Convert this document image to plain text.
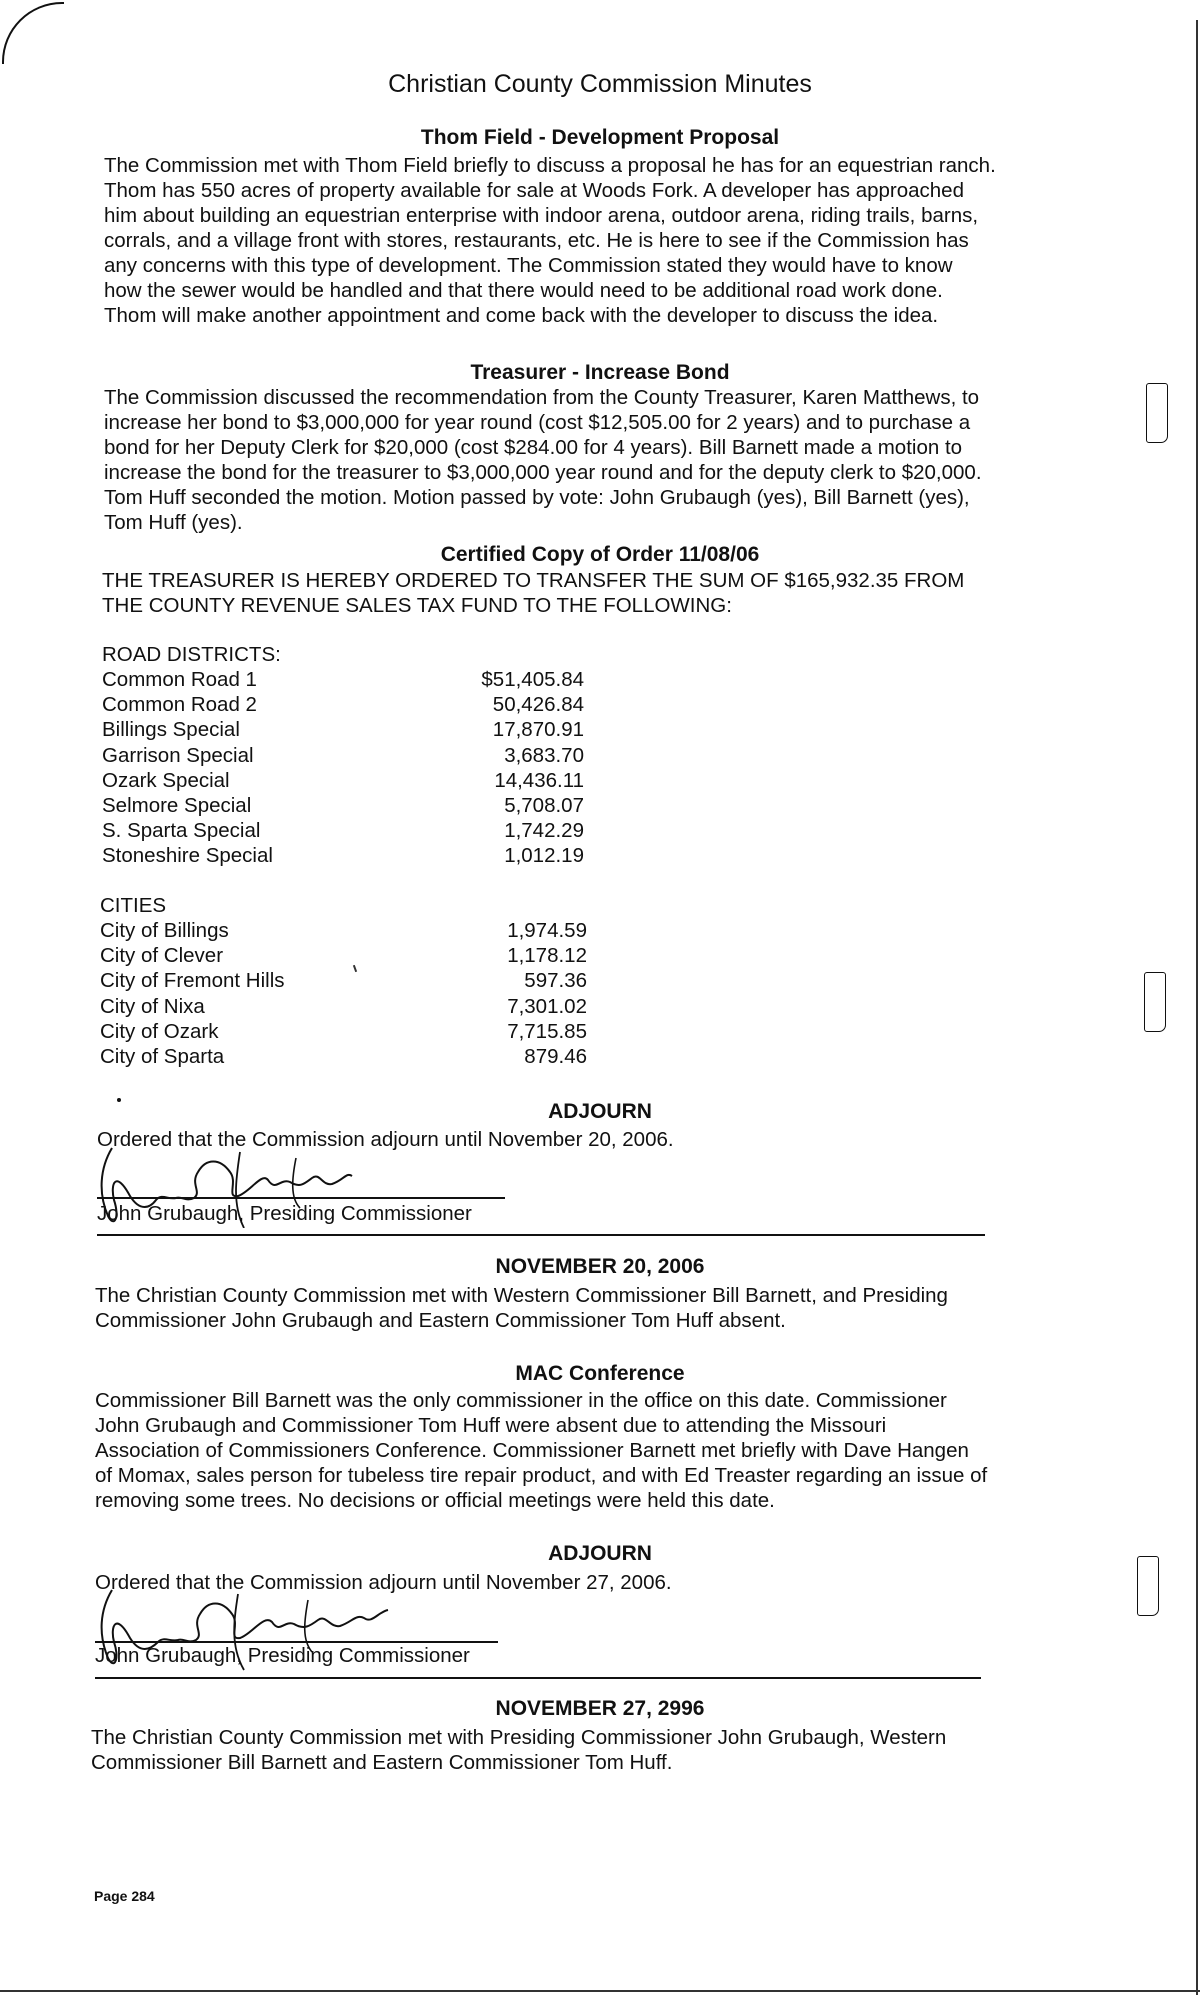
Christian County Commission Minutes
Thom Field - Development Proposal
The Commission met with Thom Field briefly to discuss a proposal he has for an equestrian ranch.
Thom has 550 acres of property available for sale at Woods Fork. A developer has approached
him about building an equestrian enterprise with indoor arena, outdoor arena, riding trails, barns,
corrals, and a village front with stores, restaurants, etc. He is here to see if the Commission has
any concerns with this type of development. The Commission stated they would have to know
how the sewer would be handled and that there would need to be additional road work done.
Thom will make another appointment and come back with the developer to discuss the idea.
Treasurer - Increase Bond
The Commission discussed the recommendation from the County Treasurer, Karen Matthews, to
increase her bond to $3,000,000 for year round (cost $12,505.00 for 2 years) and to purchase a
bond for her Deputy Clerk for $20,000 (cost $284.00 for 4 years). Bill Barnett made a motion to
increase the bond for the treasurer to $3,000,000 year round and for the deputy clerk to $20,000.
Tom Huff seconded the motion. Motion passed by vote: John Grubaugh (yes), Bill Barnett (yes),
Tom Huff (yes).
Certified Copy of Order 11/08/06
THE TREASURER IS HEREBY ORDERED TO TRANSFER THE SUM OF $165,932.35 FROM
THE COUNTY REVENUE SALES TAX FUND TO THE FOLLOWING:
ROAD DISTRICTS:
Common Road 1	$51,405.84
Common Road 2	50,426.84
Billings Special	17,870.91
Garrison Special	3,683.70
Ozark Special	14,436.11
Selmore Special	5,708.07
S. Sparta Special	1,742.29
Stoneshire Special	1,012.19
CITIES
City of Billings	1,974.59
City of Clever	1,178.12
City of Fremont Hills	597.36
City of Nixa	7,301.02
City of Ozark	7,715.85
City of Sparta	879.46
ADJOURN
Ordered that the Commission adjourn until November 20, 2006.
John Grubaugh, Presiding Commissioner
NOVEMBER 20, 2006
The Christian County Commission met with Western Commissioner Bill Barnett, and Presiding
Commissioner John Grubaugh and Eastern Commissioner Tom Huff absent.
MAC Conference
Commissioner Bill Barnett was the only commissioner in the office on this date. Commissioner
John Grubaugh and Commissioner Tom Huff were absent due to attending the Missouri
Association of Commissioners Conference. Commissioner Barnett met briefly with Dave Hangen
of Momax, sales person for tubeless tire repair product, and with Ed Treaster regarding an issue of
removing some trees. No decisions or official meetings were held this date.
ADJOURN
Ordered that the Commission adjourn until November 27, 2006.
John Grubaugh, Presiding Commissioner
NOVEMBER 27, 2996
The Christian County Commission met with Presiding Commissioner John Grubaugh, Western
Commissioner Bill Barnett and Eastern Commissioner Tom Huff.
Page 284
